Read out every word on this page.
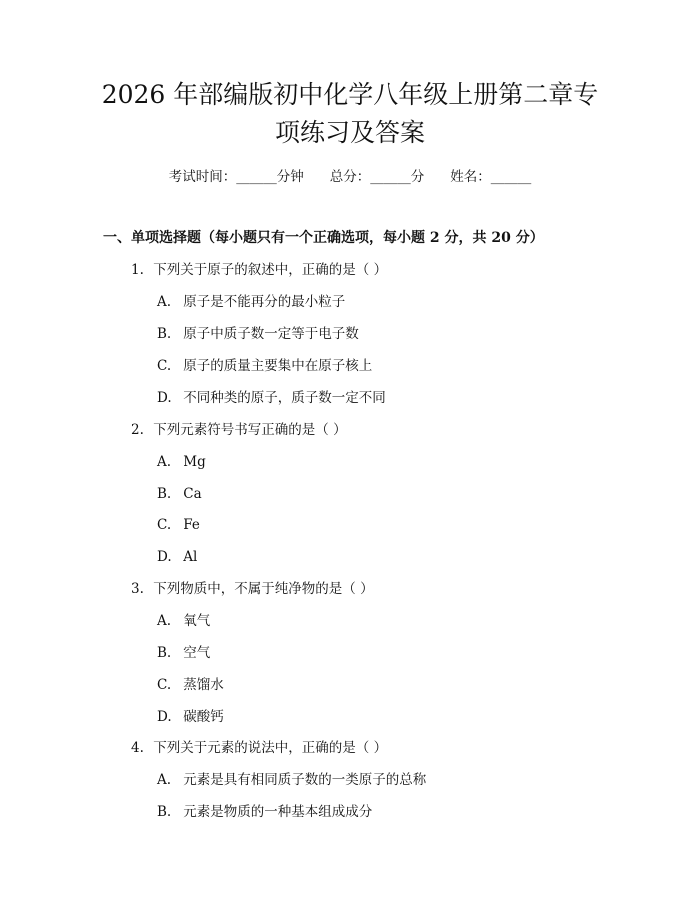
2026 年部编版初中化学八年级上册第二章专
项练习及答案
考试时间：______分钟 总分：______分 姓名：______
一、单项选择题（每小题只有一个正确选项，每小题 2 分，共 20 分）
1. 下列关于原子的叙述中，正确的是（ ）
A. 原子是不能再分的最小粒子
B. 原子中质子数一定等于电子数
C. 原子的质量主要集中在原子核上
D. 不同种类的原子，质子数一定不同
2. 下列元素符号书写正确的是（ ）
A. Mg
B. Ca
C. Fe
D. Al
3. 下列物质中，不属于纯净物的是（ ）
A. 氧气
B. 空气
C. 蒸馏水
D. 碳酸钙
4. 下列关于元素的说法中，正确的是（ ）
A. 元素是具有相同质子数的一类原子的总称
B. 元素是物质的一种基本组成成分
